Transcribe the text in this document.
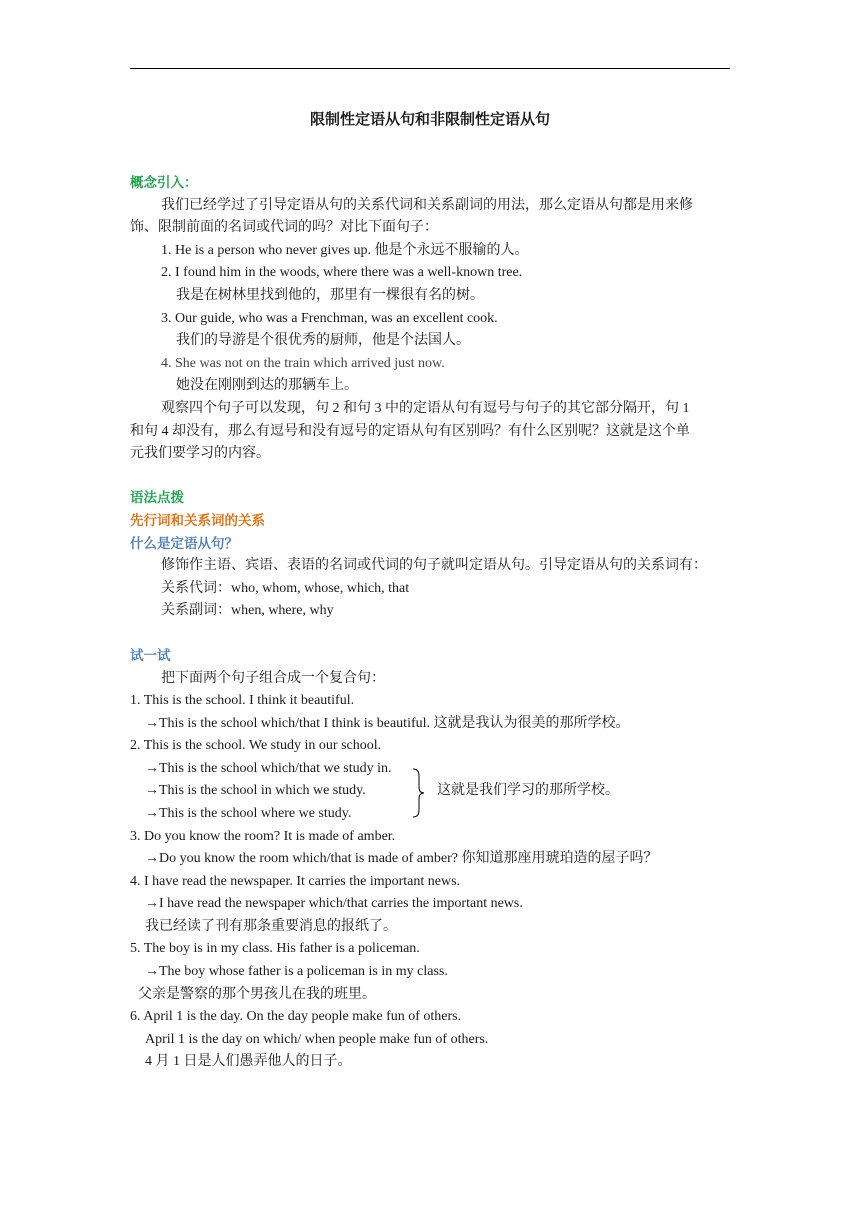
限制性定语从句和非限制性定语从句
概念引入：
我们已经学过了引导定语从句的关系代词和关系副词的用法，那么定语从句都是用来修
饰、限制前面的名词或代词的吗？对比下面句子：
1. He is a person who never gives up. 他是个永远不服输的人。
2. I found him in the woods, where there was a well-known tree.
我是在树林里找到他的，那里有一棵很有名的树。
3. Our guide, who was a Frenchman, was an excellent cook.
我们的导游是个很优秀的厨师，他是个法国人。
4. She was not on the train which arrived just now.
她没在刚刚到达的那辆车上。
观察四个句子可以发现，句 2 和句 3 中的定语从句有逗号与句子的其它部分隔开，句 1
和句 4 却没有，那么有逗号和没有逗号的定语从句有区别吗？有什么区别呢？这就是这个单
元我们要学习的内容。
语法点拨
先行词和关系词的关系
什么是定语从句？
修饰作主语、宾语、表语的名词或代词的句子就叫定语从句。引导定语从句的关系词有：
关系代词：who, whom, whose, which, that
关系副词：when, where, why
试一试
把下面两个句子组合成一个复合句：
1. This is the school. I think it beautiful.
→This is the school which/that I think is beautiful. 这就是我认为很美的那所学校。
2. This is the school. We study in our school.
→This is the school which/that we study in.
→This is the school in which we study.
→This is the school where we study.
这就是我们学习的那所学校。
3. Do you know the room? It is made of amber.
→Do you know the room which/that is made of amber? 你知道那座用琥珀造的屋子吗？
4. I have read the newspaper. It carries the important news.
→I have read the newspaper which/that carries the important news.
我已经读了刊有那条重要消息的报纸了。
5. The boy is in my class. His father is a policeman.
→The boy whose father is a policeman is in my class.
父亲是警察的那个男孩儿在我的班里。
6. April 1 is the day. On the day people make fun of others.
April 1 is the day on which/ when people make fun of others.
4 月 1 日是人们愚弄他人的日子。
